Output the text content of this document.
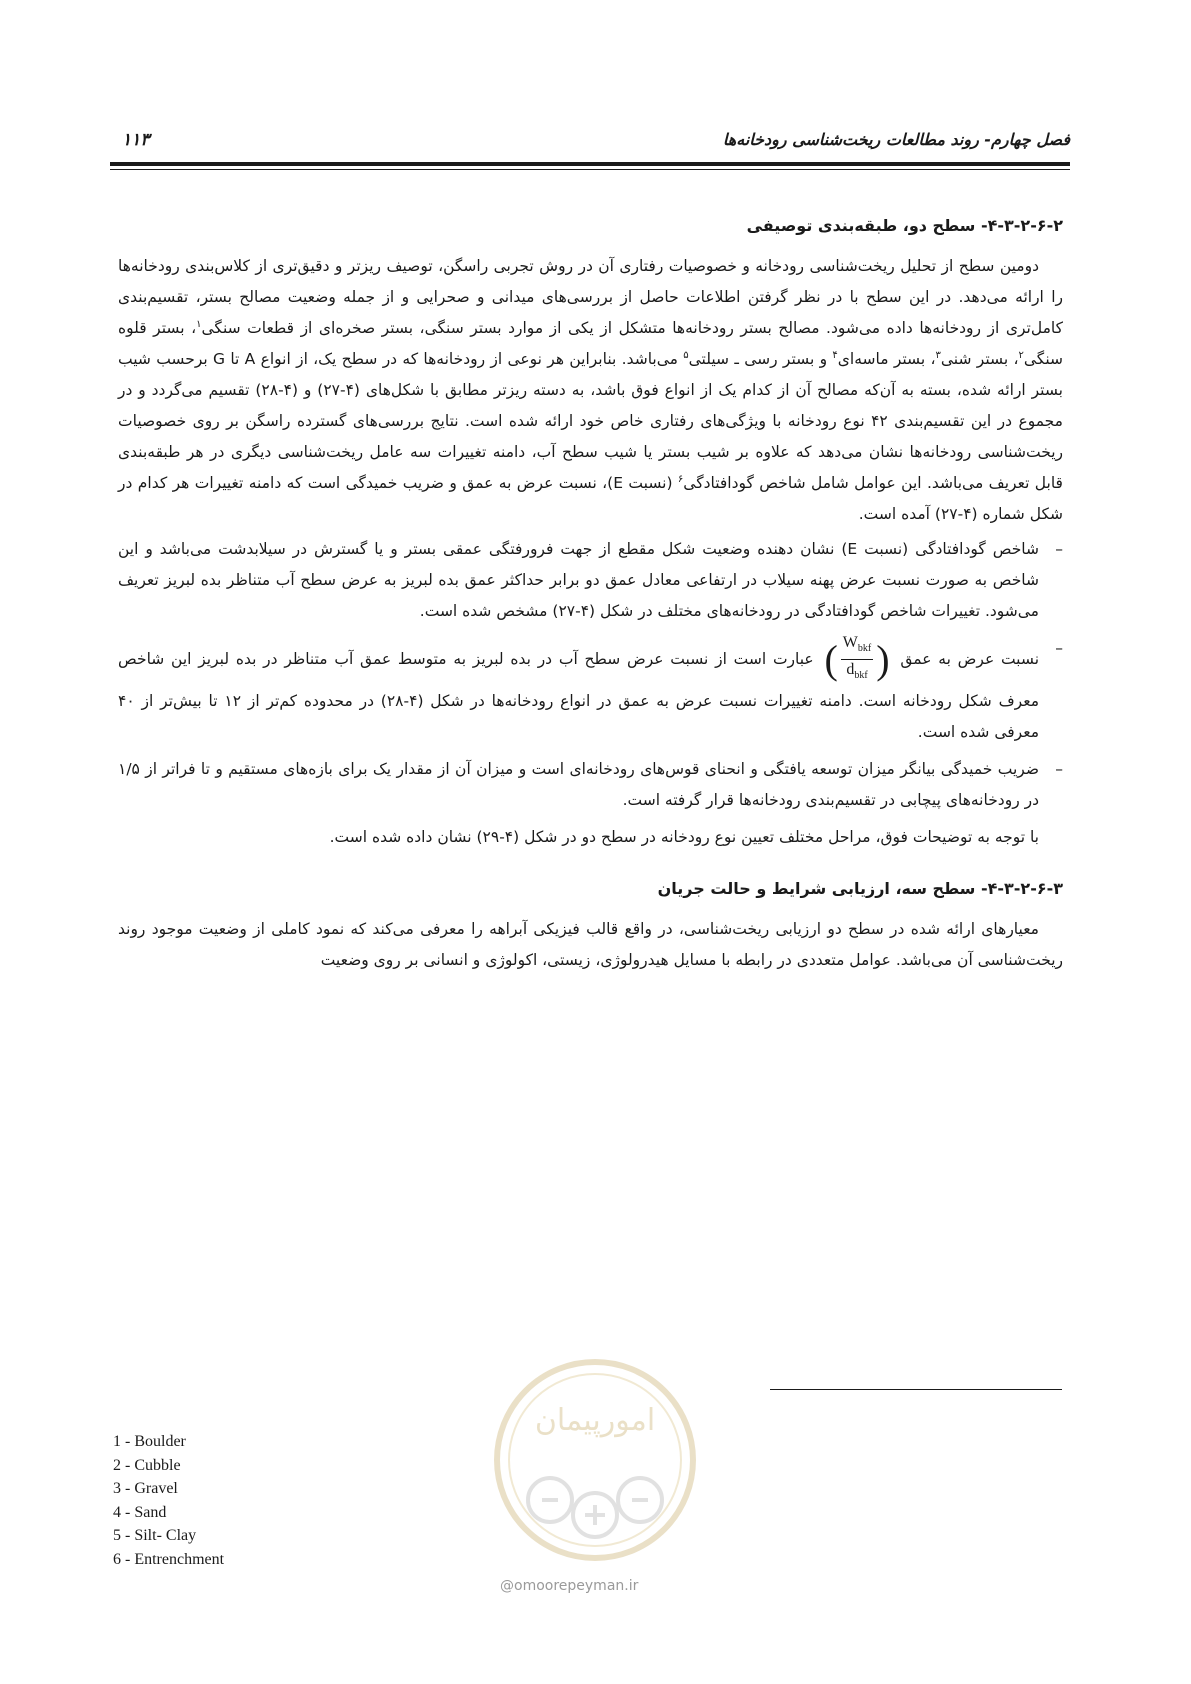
فصل چهارم- روند مطالعات ریخت‌شناسی رودخانه‌ها
۱۱۳
۴-۳-۲-۶-۲- سطح دو، طبقه‌بندی توصیفی

دومین سطح از تحلیل ریخت‌شناسی رودخانه و خصوصیات رفتاری آن در روش تجربی راسگن، توصیف ریزتر و دقیق‌تری از کلاس‌بندی رودخانه‌ها را ارائه می‌دهد. در این سطح با در نظر گرفتن اطلاعات حاصل از بررسی‌های میدانی و صحرایی و از جمله وضعیت مصالح بستر، تقسیم‌بندی کامل‌تری از رودخانه‌ها داده می‌شود. مصالح بستر رودخانه‌ها متشکل از یکی از موارد بستر سنگی، بستر صخره‌ای از قطعات سنگی$^۱$، بستر قلوه سنگی$^۲$، بستر شنی$^۳$، بستر ماسه‌ای$^۴$ و بستر رسی ـ سیلتی$^۵$ می‌باشد. بنابراین هر نوعی از رودخانه‌ها که در سطح یک، از انواع A تا G برحسب شیب بستر ارائه شده، بسته به آن‌که مصالح آن از کدام یک از انواع فوق باشد، به دسته ریزتر مطابق با شکل‌های (۴-۲۷) و (۴-۲۸) تقسیم می‌گردد و در مجموع در این تقسیم‌بندی ۴۲ نوع رودخانه با ویژگی‌های رفتاری خاص خود ارائه شده است. نتایج بررسی‌های گسترده راسگن بر روی خصوصیات ریخت‌شناسی رودخانه‌ها نشان می‌دهد که علاوه بر شیب بستر یا شیب سطح آب، دامنه تغییرات سه عامل ریخت‌شناسی دیگری در هر طبقه‌بندی قابل تعریف می‌باشد. این عوامل شامل شاخص گودافتادگی$^۶$ (نسبت E)، نسبت عرض به عمق و ضریب خمیدگی است که دامنه تغییرات هر کدام در شکل شماره (۴-۲۷) آمده است.

–
شاخص گودافتادگی (نسبت E) نشان دهنده وضعیت شکل مقطع از جهت فرورفتگی عمقی بستر و یا گسترش در سیلابدشت می‌باشد و این شاخص به صورت نسبت عرض پهنه سیلاب در ارتفاعی معادل عمق دو برابر حداکثر عمق بده لبریز به عرض سطح آب متناظر بده لبریز تعریف می‌شود. تغییرات شاخص گودافتادگی در رودخانه‌های مختلف در شکل (۴-۲۷) مشخص شده است.
–
نسبت عرض به عمق
( $\frac{W_{bkf}}{d_{bkf}}$ )
عبارت است از نسبت عرض سطح آب در بده لبریز به متوسط عمق آب متناظر در بده لبریز این شاخص معرف شکل رودخانه است. دامنه تغییرات نسبت عرض به عمق در انواع رودخانه‌ها در شکل (۴-۲۸) در محدوده کم‌تر از ۱۲ تا بیش‌تر از ۴۰ معرفی شده است.
–
ضریب خمیدگی بیانگر میزان توسعه یافتگی و انحنای قوس‌های رودخانه‌ای است و میزان آن از مقدار یک برای بازه‌های مستقیم و تا فراتر از ۱/۵ در رودخانه‌های پیچابی در تقسیم‌بندی رودخانه‌ها قرار گرفته است.

با توجه به توضیحات فوق، مراحل مختلف تعیین نوع رودخانه در سطح دو در شکل (۴-۲۹) نشان داده شده است.

۴-۳-۲-۶-۳- سطح سه، ارزیابی شرایط و حالت جریان

معیارهای ارائه شده در سطح دو ارزیابی ریخت‌شناسی، در واقع قالب فیزیکی آبراهه را معرفی می‌کند که نمود کاملی از وضعیت موجود روند ریخت‌شناسی آن می‌باشد. عوامل متعددی در رابطه با مسایل هیدرولوژی، زیستی، اکولوژی و انسانی بر روی وضعیت

1 - Boulder
2 - Cubble
3 - Gravel
4 - Sand
5 - Silt- Clay
6 - Entrenchment
امورپیمان
@omoorepeyman.ir
